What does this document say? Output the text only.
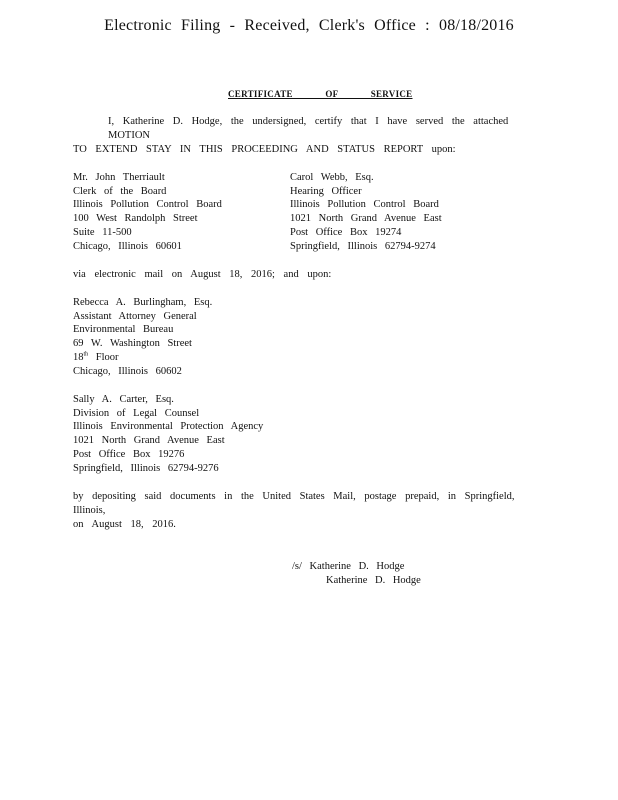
Electronic Filing - Received, Clerk's Office : 08/18/2016
CERTIFICATE OF SERVICE
I, Katherine D. Hodge, the undersigned, certify that I have served the attached MOTION
TO EXTEND STAY IN THIS PROCEEDING AND STATUS REPORT upon:
Mr. John Therriault
Clerk of the Board
Illinois Pollution Control Board
100 West Randolph Street
Suite 11-500
Chicago, Illinois 60601
Carol Webb, Esq.
Hearing Officer
Illinois Pollution Control Board
1021 North Grand Avenue East
Post Office Box 19274
Springfield, Illinois 62794-9274
via electronic mail on August 18, 2016; and upon:
Rebecca A. Burlingham, Esq.
Assistant Attorney General
Environmental Bureau
69 W. Washington Street
18th Floor
Chicago, Illinois 60602
Sally A. Carter, Esq.
Division of Legal Counsel
Illinois Environmental Protection Agency
1021 North Grand Avenue East
Post Office Box 19276
Springfield, Illinois 62794-9276
by depositing said documents in the United States Mail, postage prepaid, in Springfield, Illinois,
on August 18, 2016.
/s/ Katherine D. Hodge
Katherine D. Hodge
